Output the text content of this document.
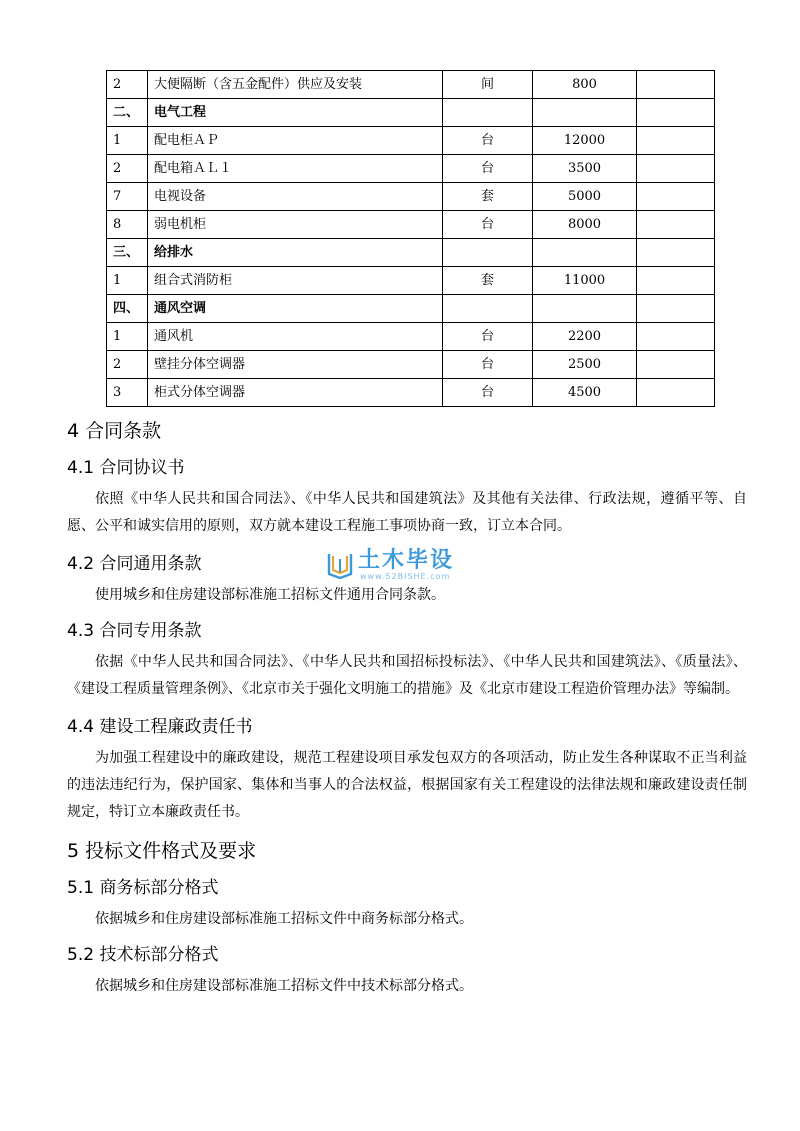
2	大便隔断（含五金配件）供应及安装	间	800	
二、	电气工程			
1	配电柜ＡＰ	台	12000	
2	配电箱ＡＬ１	台	3500	
7	电视设备	套	5000	
8	弱电机柜	台	8000	
三、	给排水			
1	组合式消防柜	套	11000	
四、	通风空调			
1	通风机	台	2200	
2	壁挂分体空调器	台	2500	
3	柜式分体空调器	台	4500	
土木毕设
www.52BISHE.com
4 合同条款
4.1 合同协议书

依照《中华人民共和国合同法》、《中华人民共和国建筑法》及其他有关法律、行政法规，遵循平等、自愿、公平和诚实信用的原则，双方就本建设工程施工事项协商一致，订立本合同。

4.2 合同通用条款

使用城乡和住房建设部标准施工招标文件通用合同条款。

4.3 合同专用条款

依据《中华人民共和国合同法》、《中华人民共和国招标投标法》、《中华人民共和国建筑法》、《质量法》、《建设工程质量管理条例》、《北京市关于强化文明施工的措施》及《北京市建设工程造价管理办法》等编制。

4.4 建设工程廉政责任书

为加强工程建设中的廉政建设，规范工程建设项目承发包双方的各项活动，防止发生各种谋取不正当利益的违法违纪行为，保护国家、集体和当事人的合法权益，根据国家有关工程建设的法律法规和廉政建设责任制规定，特订立本廉政责任书。

5 投标文件格式及要求
5.1 商务标部分格式

依据城乡和住房建设部标准施工招标文件中商务标部分格式。

5.2 技术标部分格式

依据城乡和住房建设部标准施工招标文件中技术标部分格式。
